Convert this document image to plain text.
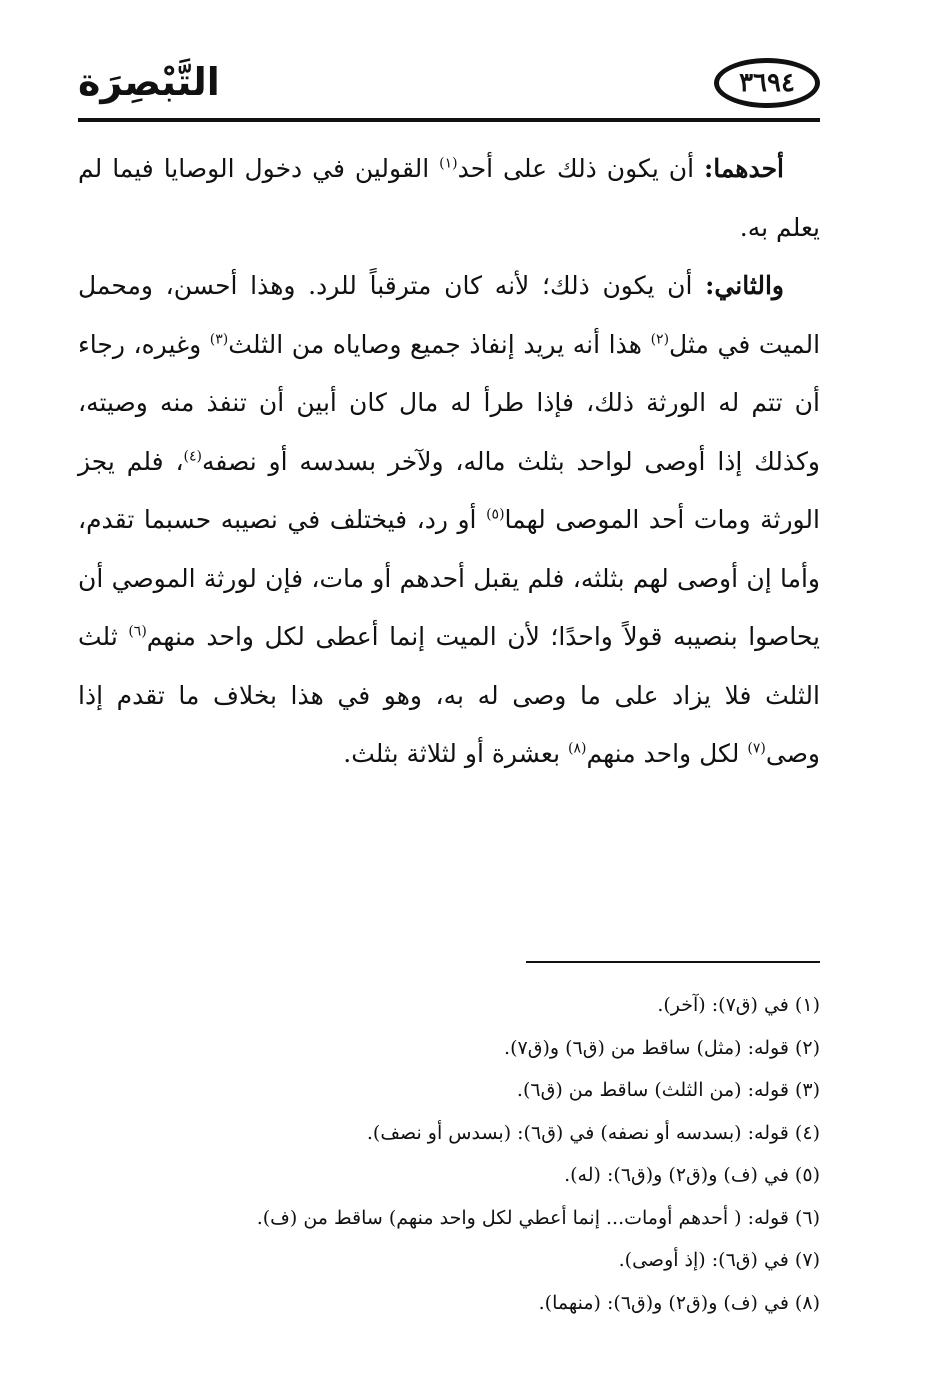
التَّبْصِرَة	٣٦٩٤

أحدهما: أن يكون ذلك على أحد$^{(١)}$ القولين في دخول الوصايا فيما لم يعلم به.

والثاني: أن يكون ذلك؛ لأنه كان مترقباً للرد. وهذا أحسن، ومحمل الميت في مثل$^{(٢)}$ هذا أنه يريد إنفاذ جميع وصاياه من الثلث$^{(٣)}$ وغيره، رجاء أن تتم له الورثة ذلك، فإذا طرأ له مال كان أبين أن تنفذ منه وصيته، وكذلك إذا أوصى لواحد بثلث ماله، ولآخر بسدسه أو نصفه$^{(٤)}$، فلم يجز الورثة ومات أحد الموصى لهما$^{(٥)}$ أو رد، فيختلف في نصيبه حسبما تقدم، وأما إن أوصى لهم بثلثه، فلم يقبل أحدهم أو مات، فإن لورثة الموصي أن يحاصوا بنصيبه قولاً واحدًا؛ لأن الميت إنما أعطى لكل واحد منهم$^{(٦)}$ ثلث الثلث فلا يزاد على ما وصى له به، وهو في هذا بخلاف ما تقدم إذا وصى$^{(٧)}$ لكل واحد منهم$^{(٨)}$ بعشرة أو لثلاثة بثلث.

(١) في (ق٧): (آخر).
(٢) قوله: (مثل) ساقط من (ق٦) و(ق٧).
(٣) قوله: (من الثلث) ساقط من (ق٦).
(٤) قوله: (بسدسه أو نصفه) في (ق٦): (بسدس أو نصف).
(٥) في (ف) و(ق٢) و(ق٦): (له).
(٦) قوله: ( أحدهم أومات... إنما أعطي لكل واحد منهم) ساقط من (ف).
(٧) في (ق٦): (إذ أوصى).
(٨) في (ف) و(ق٢) و(ق٦): (منهما).
